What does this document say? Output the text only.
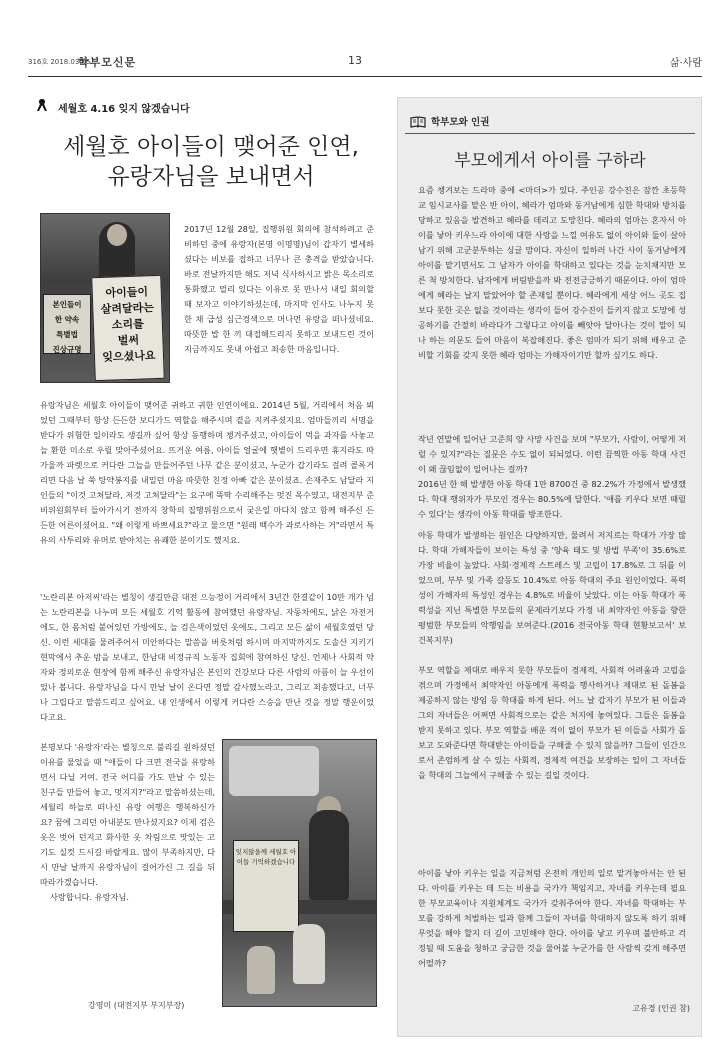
316호 2018.03.05.
학부모신문	13	삶·사람
세월호 4.16 잊지 않겠습니다
세월호 아이들이 맺어준 인연,
유랑자님을 보내면서
본인들이
한 약속
특별법
진상규명
아이들이
살려달라는
소리를
벌써
잊으셨나요

2017년 12월 28일, 집행위원 회의에 참석하려고 준비하던 중에 유랑자(본명 이명명)님이 갑자기 별세하셨다는 비보를 접하고 너무나 큰 충격을 받았습니다. 바로 전날까지만 해도 저녁 식사하시고 밝은 목소리로 통화했고 멀리 있다는 이유로 못 만나서 내일 회의할 때 보자고 이야기하셨는데, 마지막 인사도 나누지 못한 채 급성 심근경색으로 머나먼 유랑을 떠나셨네요. 따뜻한 밥 한 끼 대접해드리지 못하고 보내드린 것이 지금까지도 못내 아쉽고 죄송한 마음입니다.

유랑자님은 세월호 아이들이 맺어준 귀하고 귀한 인연이에요. 2014년 5월, 거리에서 처음 뵈었던 그때부터 항상 든든한 보디가드 역할을 해주시며 곁을 지켜주셨지요. 엄마들끼리 서명을 받다가 위험한 일이라도 생길까 싶어 항상 동행하며 챙겨주셨고, 아이들이 먹을 과자를 사놓고 늘 환한 미소로 우릴 맞아주셨어요. 뜨거운 여름, 아이들 얼굴에 햇볕이 드리우면 휴지라도 따가울까 파렛으로 커다란 그늘을 만들어주던 나무 같은 분이셨고, 누군가 갑기라도 걸려 콜록거리면 다음 날 쑥 탕약봉지를 내밀던 마음 따뜻한 친정 아빠 같은 분이셨죠. 손재주도 남달라 지인들의 "이것 고쳐달라, 저것 고쳐달라"는 요구에 뚝딱 수리해주는 멋진 목수였고, 대전지부 준비위원회부터 들아가시기 전까지 창학의 집행위원으로서 궂은일 마다치 않고 함께 해주신 든든한 어른이셨어요. "왜 이렇게 바쁘세요?"라고 물으면 "원래 백수가 과로사하는 거"라면서 특유의 사투리와 유머로 받아치는 유쾌한 분이기도 했지요.

'노란리본 아저씨'라는 별칭이 생길만큼 대전 으능정이 거리에서 3년간 한결같이 10만 개가 넘는 노란리본을 나누며 모든 세월호 기억 활동에 참여했던 유랑자님. 자동차에도, 낡은 자전거에도, 한 몸처럼 붙어있던 가방에도, 늘 검은색이었던 옷에도, 그리고 모든 삶이 세월호였던 당신. 이런 세대를 물려주어서 미안하다는 말씀을 버릇처럼 하시며 마지막까지도 도솔산 지키기 현막에서 추운 밤을 보내고, 한남대 비정규직 노동자 집회에 참여하신 당신. 언제나 사회적 약자와 정의로운 현장에 함께 해주신 유랑자님은 본인의 건강보다 다른 사람의 아픔이 늘 우선이었나 봅니다. 유랑자님을 다시 만날 날이 온다면 정말 감사했노라고, 그리고 죄송했다고, 너무나 그립다고 말씀드리고 싶어요. 내 인생에서 이렇게 커다란 스승을 만난 것을 정말 행운이었다고요.

본명보다 '유랑자'라는 별칭으로 불리길 원하셨던 이유를 물었을 때 "애들이 다 크면 전국을 유랑하면서 다닐 거여. 전국 어디를 가도 만날 수 있는 친구들 만들어 놓고, 멋지지?"라고 말씀하셨는데, 세월리 하늘로 떠나신 유랑 여행은 행복하신가요? 꿈에 그리던 아내분도 만나셨지요? 이제 검은 옷은 벗어 던지고 화사한 옷 차림으로 맛있는 고기도 실컷 드시길 바랄게요. 많이 부족하지만, 다시 만날 날까지 유랑자님이 걸어가신 그 길을 뒤 따라가겠습니다.

사랑합니다. 유랑자님.

강명미 (대전지부 부지부장)
잊지않을께 세월호 아이들 기억하겠습니다
학부모와 인권
부모에게서 아이를 구하라

요즘 챙겨보는 드라마 중에 <마더>가 있다. 주인공 강수진은 잠깐 초등학교 임시교사를 맡은 반 아이, 혜라가 엄마와 동거남에게 심한 학대와 방치를 당하고 있음을 발견하고 혜라를 데리고 도망친다. 혜라의 엄마는 혼자서 아이를 낳아 키우느라 아이에 대한 사랑을 느낄 여유도 없이 아이와 둘이 살아남기 위해 고군분투하는 싱글 맘이다. 자신이 일하러 나간 사이 동거남에게 아이를 맡기면서도 그 남자가 아이를 학대하고 있다는 것을 눈치채지만 모른 척 방치한다. 남자에게 버림받을까 봐 전전긍긍하기 때문이다. 아이 엄마에게 혜라는 날지 말았어야 할 존재일 뿐이다. 혜라에게 세상 어느 곳도 집보다 못한 곳은 없을 것이라는 생각이 들어 강수진이 들키지 않고 도망에 성공하기를 간절히 바라다가 그렇다고 아이를 빼앗아 달아나는 것이 말이 되나 하는 의문도 들어 마음이 복잡해진다. 좋은 엄마가 되기 위해 배우고 준비할 기회를 갖지 못한 혜라 엄마는 가해자이기만 할까 싶기도 하다.

작년 연말에 일어난 고준희 양 사망 사건을 보며 "부모가, 사람이, 어떻게 저럴 수 있지?"라는 질문은 수도 없이 되뇌었다. 이런 끔찍한 아동 학대 사건이 왜 끊임없이 일어나는 걸까?

2016년 한 해 발생한 아동 학대 1만 8700건 중 82.2%가 가정에서 발생했다. 학대 행위자가 부모인 경우는 80.5%에 달한다. '애를 키우다 보면 때릴 수 있다'는 생각이 아동 학대를 방조한다.

아동 학대가 발생하는 원인은 다양하지만, 물려서 저지르는 학대가 가장 많다. 학대 가해자들이 보이는 특성 중 '양육 태도 및 방법 부족'이 35.6%로 가장 비율이 높았다. 사회·경제적 스트레스 및 고립이 17.8%로 그 뒤를 이었으며, 부부 및 가족 갈등도 10.4%로 아동 학대의 주요 원인이었다. 폭력성이 가해자의 특성인 경우는 4.8%로 비율이 낮았다. 이는 아동 학대가 폭력성을 지닌 특별한 부모들의 문제라기보다 가정 내 최약자인 아동을 향한 평범한 부모들의 악행임을 보여준다.(2016 전국아동 학대 현황보고서' 보건복지부)

부모 역할을 제대로 배우지 못한 부모들이 경제적, 사회적 어려움과 고립을 겪으며 가정에서 최약자인 아동에게 폭력을 행사하거나 제대로 된 돌봄을 제공하지 않는 방임 등 학대를 하게 된다. 어느 날 갑자기 부모가 된 이들과 그의 자녀들은 어쩌면 사회적으로는 같은 처지에 놓여있다. 그들은 돌봄을 받지 못하고 있다. 부모 역할을 배운 적이 없이 부모가 된 이들을 사회가 돌보고 도와준다면 학대받는 아이들을 구해줄 수 있지 않을까? 그들이 인간으로서 존엄하게 살 수 있는 사회적, 경제적 여건을 보장하는 일이 그 자녀들을 학대의 그늘에서 구해줄 수 있는 길일 것이다.

아이를 낳아 키우는 일을 지금처럼 온전히 개인의 일로 맡겨놓아서는 안 된다. 아이를 키우는 데 드는 비용을 국가가 책임지고, 자녀를 키우는데 필요한 부모교육이나 지원체계도 국가가 갖춰주어야 한다. 자녀를 학대하는 부모를 강하게 처벌하는 일과 함께 그들이 자녀를 학대하지 않도록 하기 위해 무엇을 해야 할지 더 깊이 고민해야 한다. 아이를 낳고 키우며 불안하고 걱정될 때 도움을 청하고 궁금한 것을 물어볼 누군가를 한 사람씩 갖게 해주면 어떨까?

고유경 (인권 참)
